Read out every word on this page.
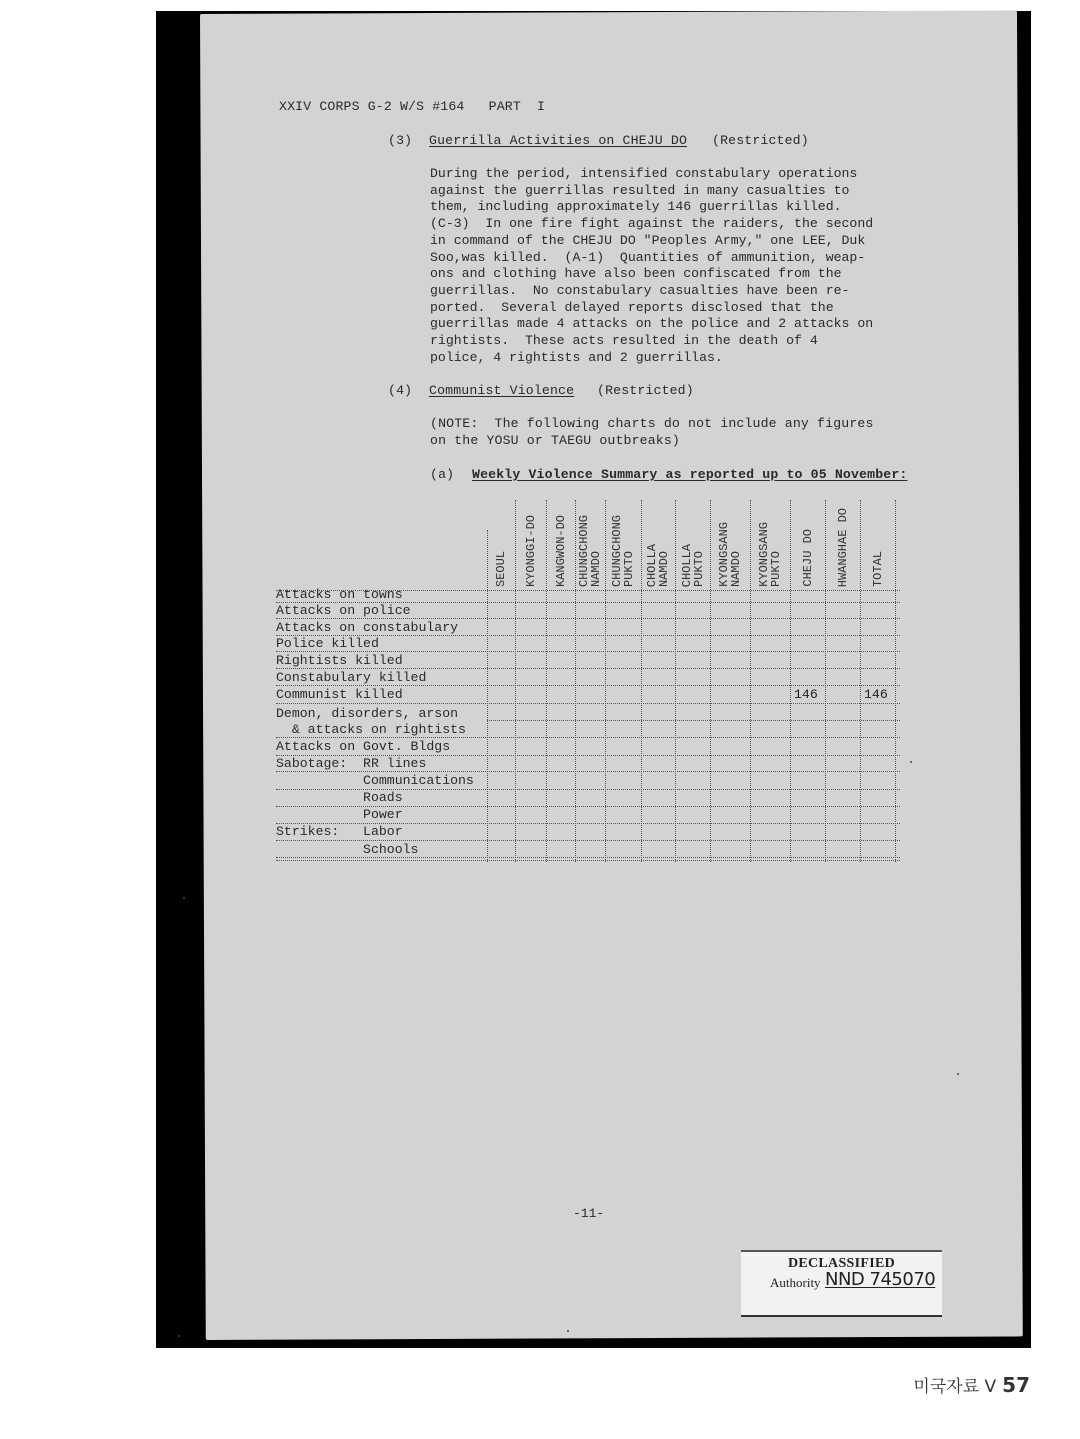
XXIV CORPS G-2 W/S #164   PART  I
(3) Guerrilla Activities on CHEJU DO (Restricted)
During the period, intensified constabulary operations
against the guerrillas resulted in many casualties to
them, including approximately 146 guerrillas killed.
(C-3)  In one fire fight against the raiders, the second
in command of the CHEJU DO "Peoples Army," one LEE, Duk
Soo,was killed.  (A-1)  Quantities of ammunition, weap-
ons and clothing have also been confiscated from the
guerrillas.  No constabulary casualties have been re-
ported.  Several delayed reports disclosed that the
guerrillas made 4 attacks on the police and 2 attacks on
rightists.  These acts resulted in the death of 4
police, 4 rightists and 2 guerrillas.
(4) Communist Violence (Restricted)
(NOTE:  The following charts do not include any figures
on the YOSU or TAEGU outbreaks)
(a) Weekly Violence Summary as reported up to 05 November:
SEOUL KYONGGI-DO KANGWON-DO CHUNGCHONG
NAMDO CHUNGCHONG
PUKTO CHOLLA
NAMDO CHOLLA
PUKTO KYONGSANG
NAMDO KYONGSANG
PUKTO CHEJU DO HWANGHAE DO TOTAL
Attacks on towns
Attacks on police
Attacks on constabulary
Police killed
Rightists killed
Constabulary killed
Communist killed	146	146
Demon, disorders, arson
& attacks on rightists
Attacks on Govt. Bldgs
Sabotage:  RR lines
Communications
Roads
Power
Strikes:   Labor
Schools
-11-
DECLASSIFIED
Authority NND 745070
미국자료 V 57
